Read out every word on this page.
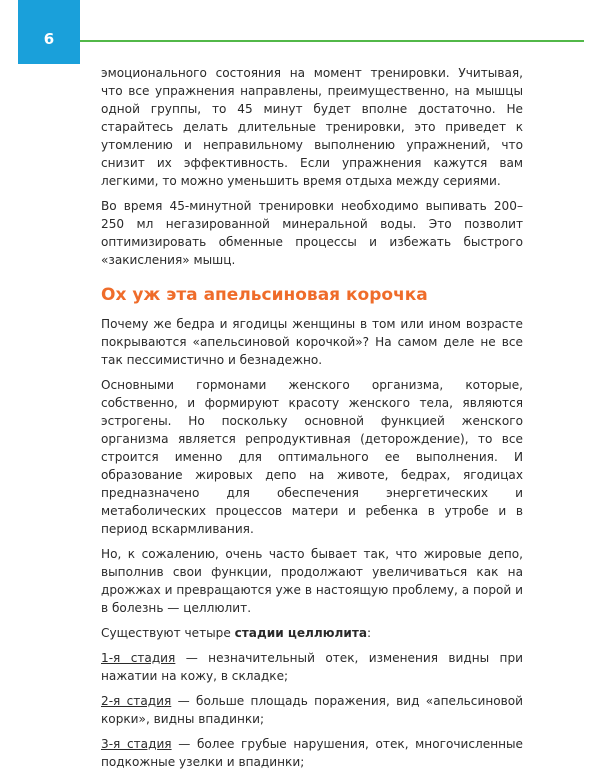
6

эмоционального состояния на момент тренировки. Учитывая, что все упражнения направлены, преимущественно, на мышцы одной группы, то 45 минут будет вполне достаточно. Не старайтесь делать длительные тренировки, это приведет к утомлению и неправильному выполнению упражнений, что снизит их эффективность. Если упражнения кажутся вам легкими, то можно уменьшить время отдыха между сериями.

Во время 45-минутной тренировки необходимо выпивать 200–250 мл негазированной минеральной воды. Это позволит оптимизировать обменные процессы и избежать быстрого «закисления» мышц.

Ох уж эта апельсиновая корочка

Почему же бедра и ягодицы женщины в том или ином возрасте покрываются «апельсиновой корочкой»? На самом деле не все так пессимистично и безнадежно.

Основными гормонами женского организма, которые, собственно, и формируют красоту женского тела, являются эстрогены. Но поскольку основной функцией женского организма является репродуктивная (деторождение), то все строится именно для оптимального ее выполнения. И образование жировых депо на животе, бедрах, ягодицах предназначено для обеспечения энергетических и метаболических процессов матери и ребенка в утробе и в период вскармливания.

Но, к сожалению, очень часто бывает так, что жировые депо, выполнив свои функции, продолжают увеличиваться как на дрожжах и превращаются уже в настоящую проблему, а порой и в болезнь — целлюлит.

Существуют четыре стадии целлюлита:

1-я стадия — незначительный отек, изменения видны при нажатии на кожу, в складке;

2-я стадия — больше площадь поражения, вид «апельсиновой корки», видны впадинки;

3-я стадия — более грубые нарушения, отек, многочисленные подкожные узелки и впадинки;
